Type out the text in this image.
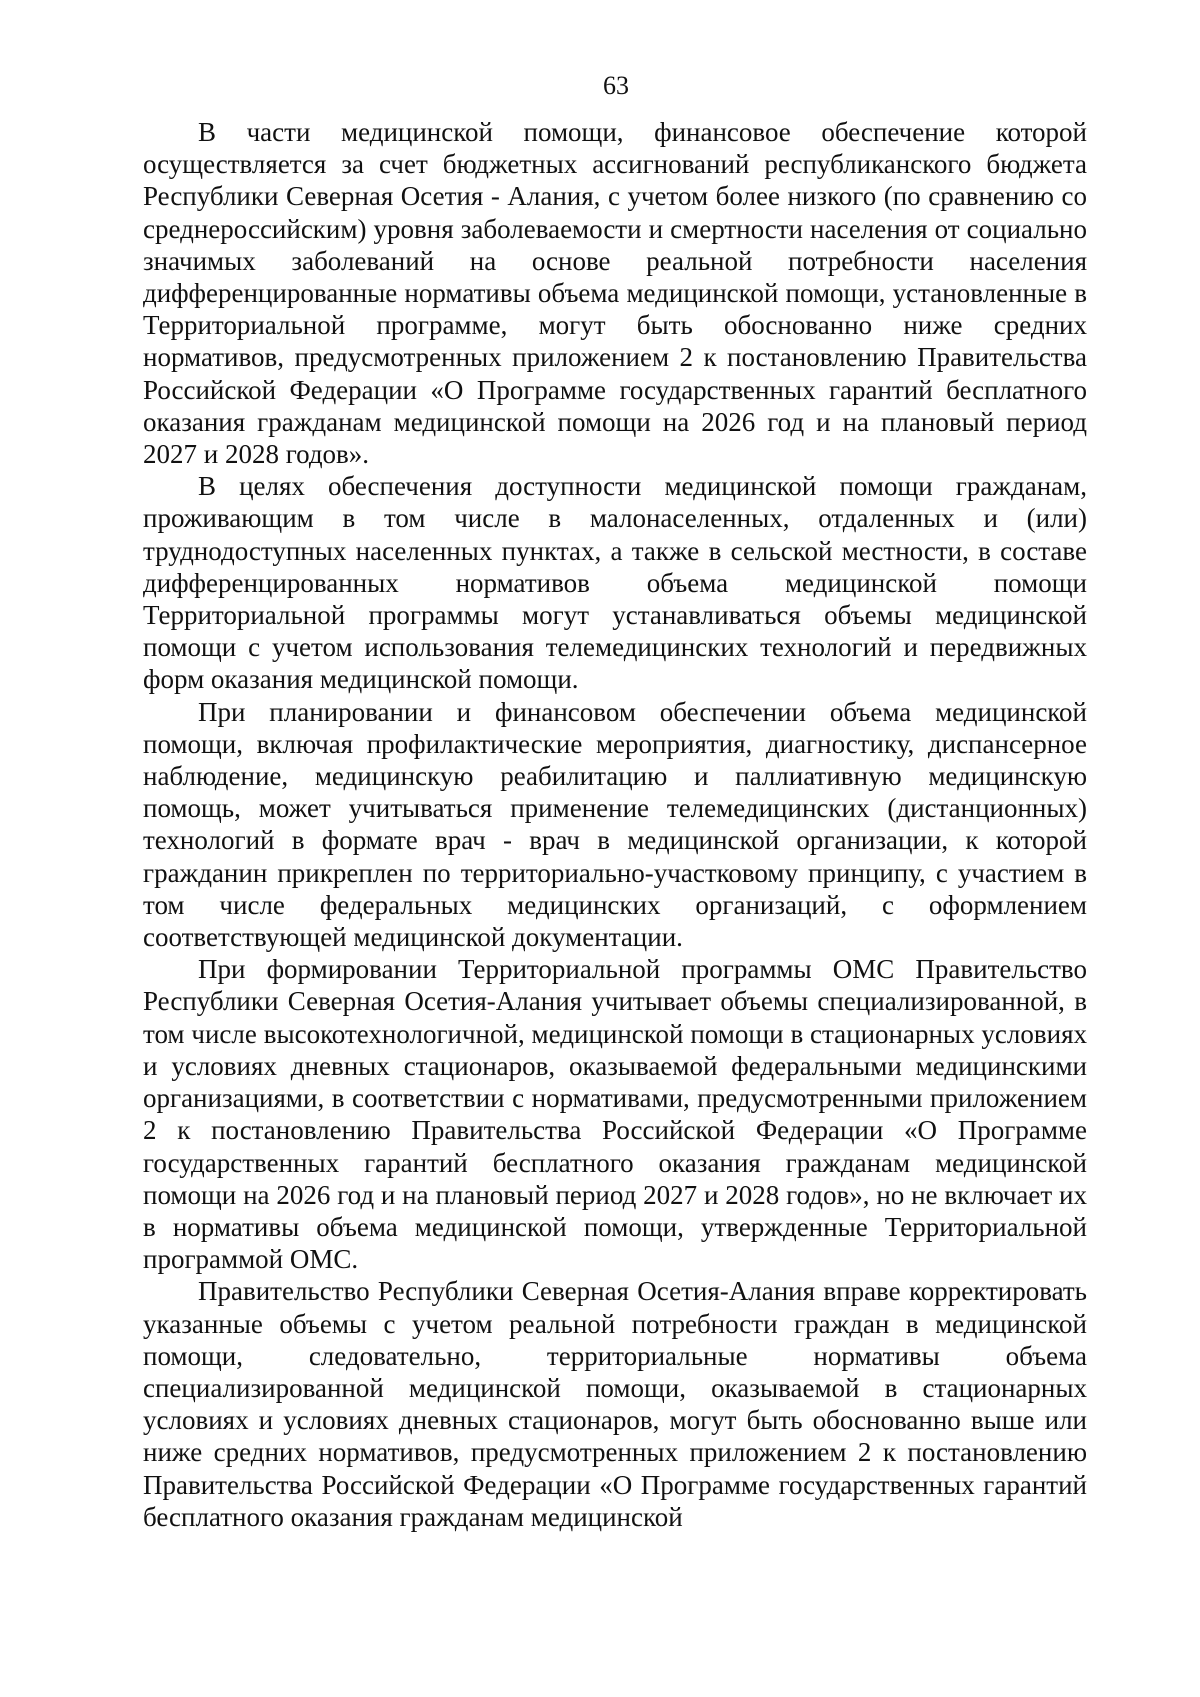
63

В части медицинской помощи, финансовое обеспечение которой осуществляется за счет бюджетных ассигнований республиканского бюджета Республики Северная Осетия - Алания, с учетом более низкого (по сравнению со среднероссийским) уровня заболеваемости и смертности населения от социально значимых заболеваний на основе реальной потребности населения дифференцированные нормативы объема медицинской помощи, установленные в Территориальной программе, могут быть обоснованно ниже средних нормативов, предусмотренных приложением 2 к постановлению Правительства Российской Федерации «О Программе государственных гарантий бесплатного оказания гражданам медицинской помощи на 2026 год и на плановый период 2027 и 2028 годов».

В целях обеспечения доступности медицинской помощи гражданам, проживающим в том числе в малонаселенных, отдаленных и (или) труднодоступных населенных пунктах, а также в сельской местности, в составе дифференцированных нормативов объема медицинской помощи Территориальной программы могут устанавливаться объемы медицинской помощи с учетом использования телемедицинских технологий и передвижных форм оказания медицинской помощи.

При планировании и финансовом обеспечении объема медицинской помощи, включая профилактические мероприятия, диагностику, диспансерное наблюдение, медицинскую реабилитацию и паллиативную медицинскую помощь, может учитываться применение телемедицинских (дистанционных) технологий в формате врач - врач в медицинской организации, к которой гражданин прикреплен по территориально-участковому принципу, с участием в том числе федеральных медицинских организаций, с оформлением соответствующей медицинской документации.

При формировании Территориальной программы ОМС Правительство Республики Северная Осетия-Алания учитывает объемы специализированной, в том числе высокотехнологичной, медицинской помощи в стационарных условиях и условиях дневных стационаров, оказываемой федеральными медицинскими организациями, в соответствии с нормативами, предусмотренными приложением 2 к постановлению Правительства Российской Федерации «О Программе государственных гарантий бесплатного оказания гражданам медицинской помощи на 2026 год и на плановый период 2027 и 2028 годов», но не включает их в нормативы объема медицинской помощи, утвержденные Территориальной программой ОМС.

Правительство Республики Северная Осетия-Алания вправе корректировать указанные объемы с учетом реальной потребности граждан в медицинской помощи, следовательно, территориальные нормативы объема специализированной медицинской помощи, оказываемой в стационарных условиях и условиях дневных стационаров, могут быть обоснованно выше или ниже средних нормативов, предусмотренных приложением 2 к постановлению Правительства Российской Федерации «О Программе государственных гарантий бесплатного оказания гражданам медицинской
